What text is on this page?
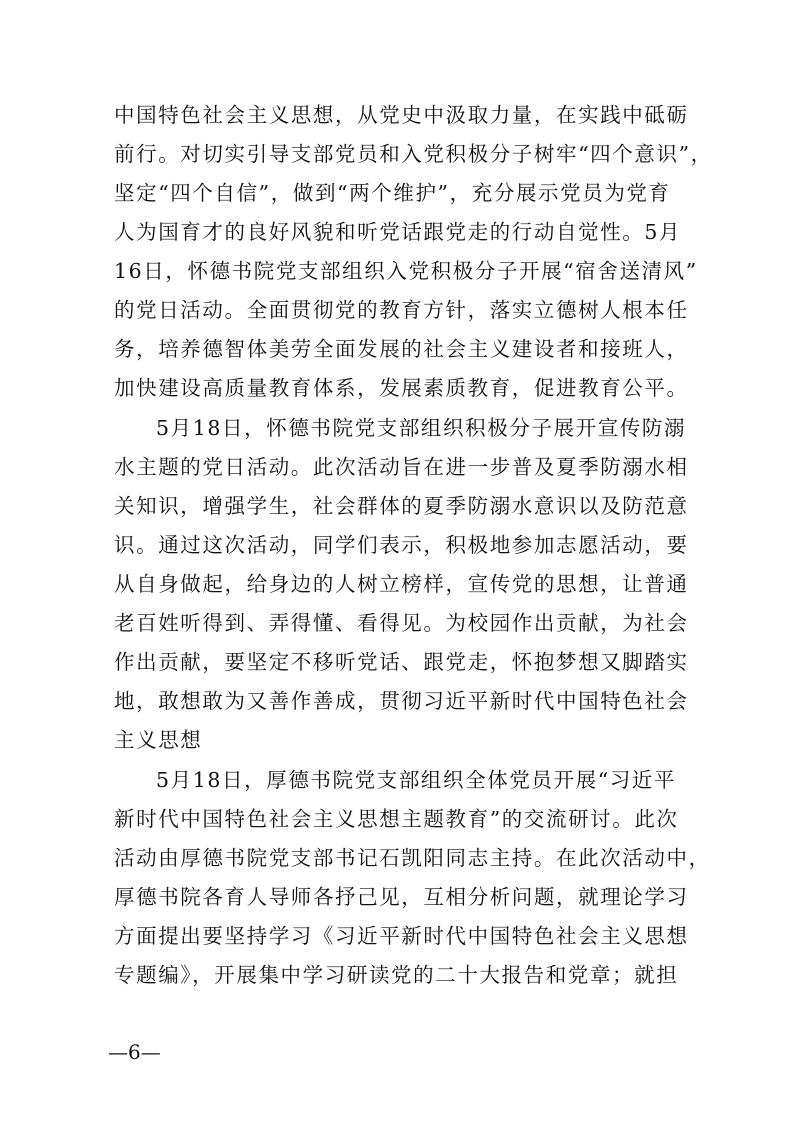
中国特色社会主义思想，从党史中汲取力量，在实践中砥砺
前行。对切实引导支部党员和入党积极分子树牢“四个意识”，
坚定“四个自信”，做到“两个维护”，充分展示党员为党育
人为国育才的良好风貌和听党话跟党走的行动自觉性。5月
16日，怀德书院党支部组织入党积极分子开展“宿舍送清风”
的党日活动。全面贯彻党的教育方针，落实立德树人根本任
务，培养德智体美劳全面发展的社会主义建设者和接班人，
加快建设高质量教育体系，发展素质教育，促进教育公平。
5月18日，怀德书院党支部组织积极分子展开宣传防溺
水主题的党日活动。此次活动旨在进一步普及夏季防溺水相
关知识，增强学生，社会群体的夏季防溺水意识以及防范意
识。通过这次活动，同学们表示，积极地参加志愿活动，要
从自身做起，给身边的人树立榜样，宣传党的思想，让普通
老百姓听得到、弄得懂、看得见。为校园作出贡献，为社会
作出贡献，要坚定不移听党话、跟党走，怀抱梦想又脚踏实
地，敢想敢为又善作善成，贯彻习近平新时代中国特色社会
主义思想
5月18日，厚德书院党支部组织全体党员开展“习近平
新时代中国特色社会主义思想主题教育”的交流研讨。此次
活动由厚德书院党支部书记石凯阳同志主持。在此次活动中，
厚德书院各育人导师各抒己见，互相分析问题，就理论学习
方面提出要坚持学习《习近平新时代中国特色社会主义思想
专题编》，开展集中学习研读党的二十大报告和党章；就担
—6—
